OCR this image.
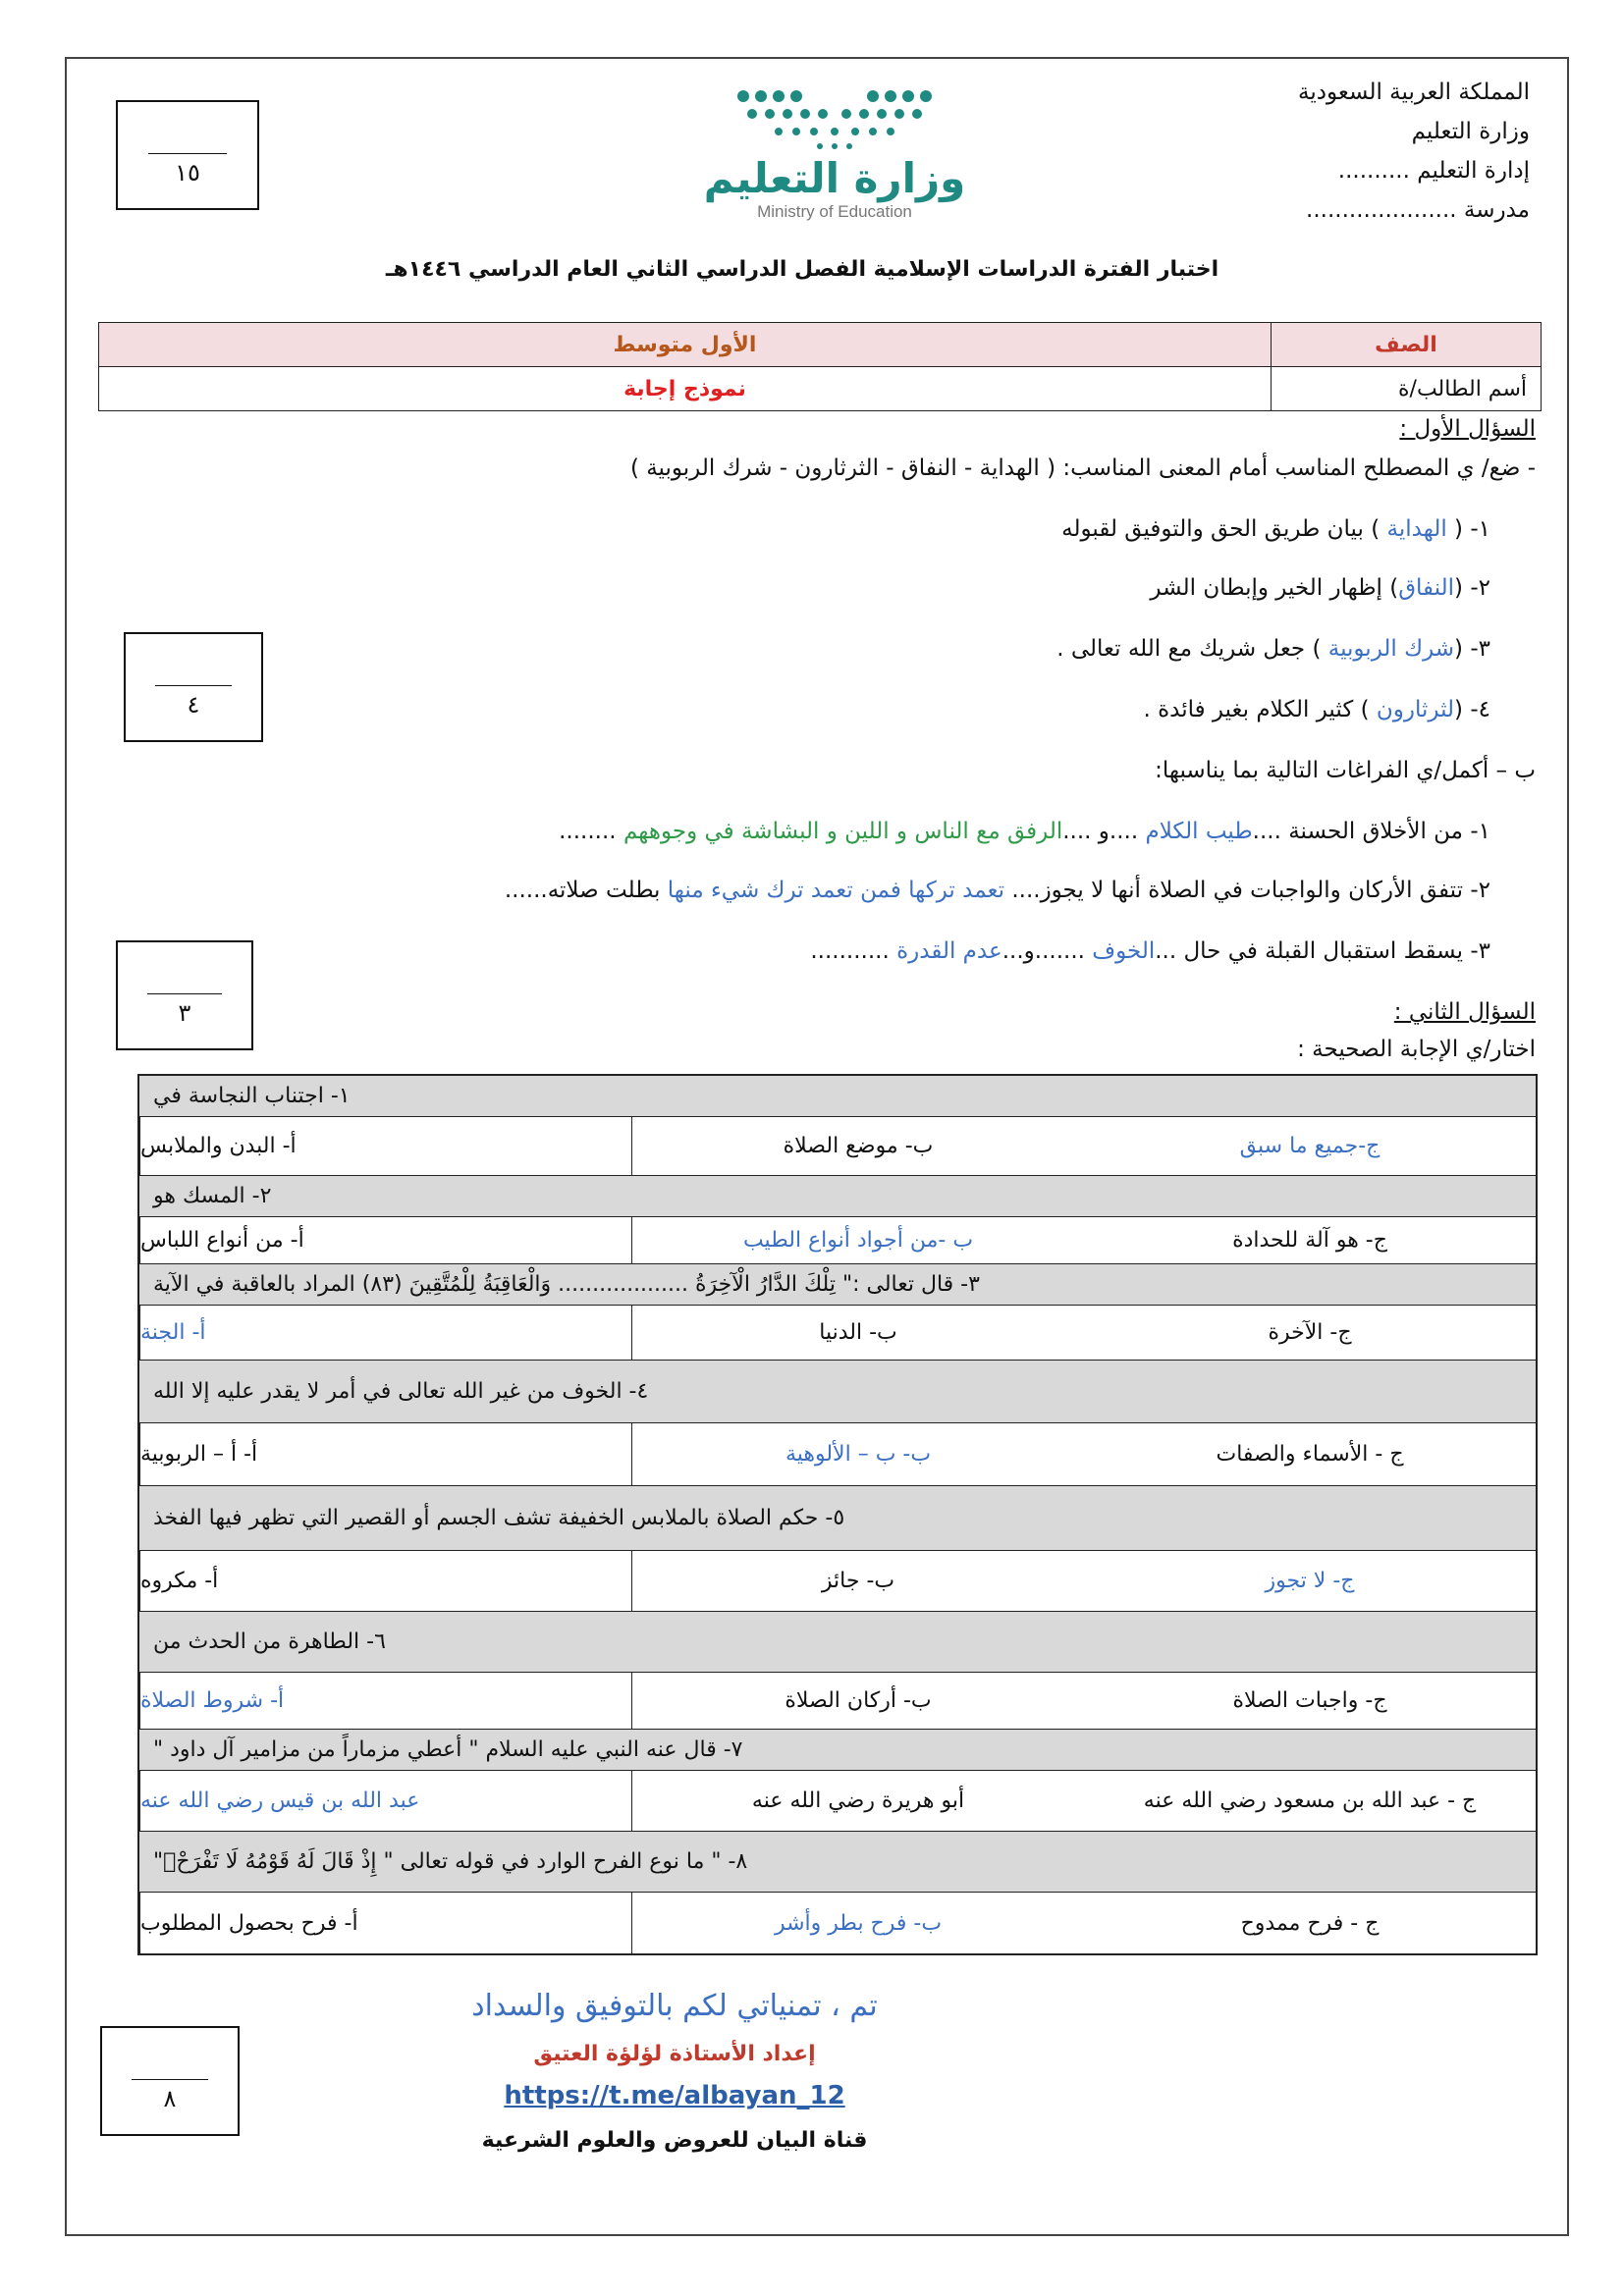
المملكة العربية السعودية
وزارة التعليم
إدارة التعليم ..........
مدرسة .....................
وزارة التعليم
Ministry of Education
١٥
اختبار الفترة الدراسات الإسلامية الفصل الدراسي الثاني العام الدراسي ١٤٤٦هـ
الصف	الأول متوسط
أسم الطالب/ة	نموذج إجابة
السؤال الأول :
- ضع/ ي المصطلح المناسب أمام المعنى المناسب: ( الهداية - النفاق - الثرثارون - شرك الربوبية )
٤
١- ( الهداية ) بيان طريق الحق والتوفيق لقبوله
٢- (النفاق) إظهار الخير وإبطان الشر
٣- (شرك الربوبية ) جعل شريك مع الله تعالى .
٤- (لثرثارون ) كثير الكلام بغير فائدة .
ب – أكمل/ي الفراغات التالية بما يناسبها:
١- من الأخلاق الحسنة ....طيب الكلام ....و ....الرفق مع الناس و اللين و البشاشة في وجوههم ........
٢- تتفق الأركان والواجبات في الصلاة أنها لا يجوز.... تعمد تركها فمن تعمد ترك شيء منها بطلت صلاته......
٣- يسقط استقبال القبلة في حال ...الخوف .......و...عدم القدرة ...........
٣	السؤال الثاني :
اختار/ي الإجابة الصحيحة :
١- اجتناب النجاسة في
أ- البدن والملابس	ب- موضع الصلاة	ج-جميع ما سبق
٢- المسك هو
أ- من أنواع اللباس	ب -من أجواد أنواع الطيب	ج- هو آلة للحدادة
٣- قال تعالى :" تِلْكَ الدَّارُ الْآخِرَةُ ................... وَالْعَاقِبَةُ لِلْمُتَّقِينَ (٨٣) المراد بالعاقبة في الآية
أ- الجنة	ب- الدنيا	ج- الآخرة
٤- الخوف من غير الله تعالى في أمر لا يقدر عليه إلا الله
أ- أ – الربوبية	ب- ب – الألوهية	ج - الأسماء والصفات
٥- حكم الصلاة بالملابس الخفيفة تشف الجسم أو القصير التي تظهر فيها الفخذ
أ- مكروه	ب- جائز	ج- لا تجوز
٦- الطاهرة من الحدث من
أ- شروط الصلاة	ب- أركان الصلاة	ج- واجبات الصلاة
٧- قال عنه النبي عليه السلام " أعطي مزماراً من مزامير آل داود "
عبد الله بن قيس رضي الله عنه	أبو هريرة رضي الله عنه	ج - عبد الله بن مسعود رضي الله عنه
٨- " ما نوع الفرح الوارد في قوله تعالى " إِذْ قَالَ لَهُ قَوْمُهُ لَا تَفْرَحْۖ"
أ- فرح بحصول المطلوب	ب- فرح بطر وأشر	ج - فرح ممدوح
٨
تم ، تمنياتي لكم بالتوفيق والسداد
إعداد الأستاذة لؤلؤة العتيق
https://t.me/albayan_12
قناة البيان للعروض والعلوم الشرعية
